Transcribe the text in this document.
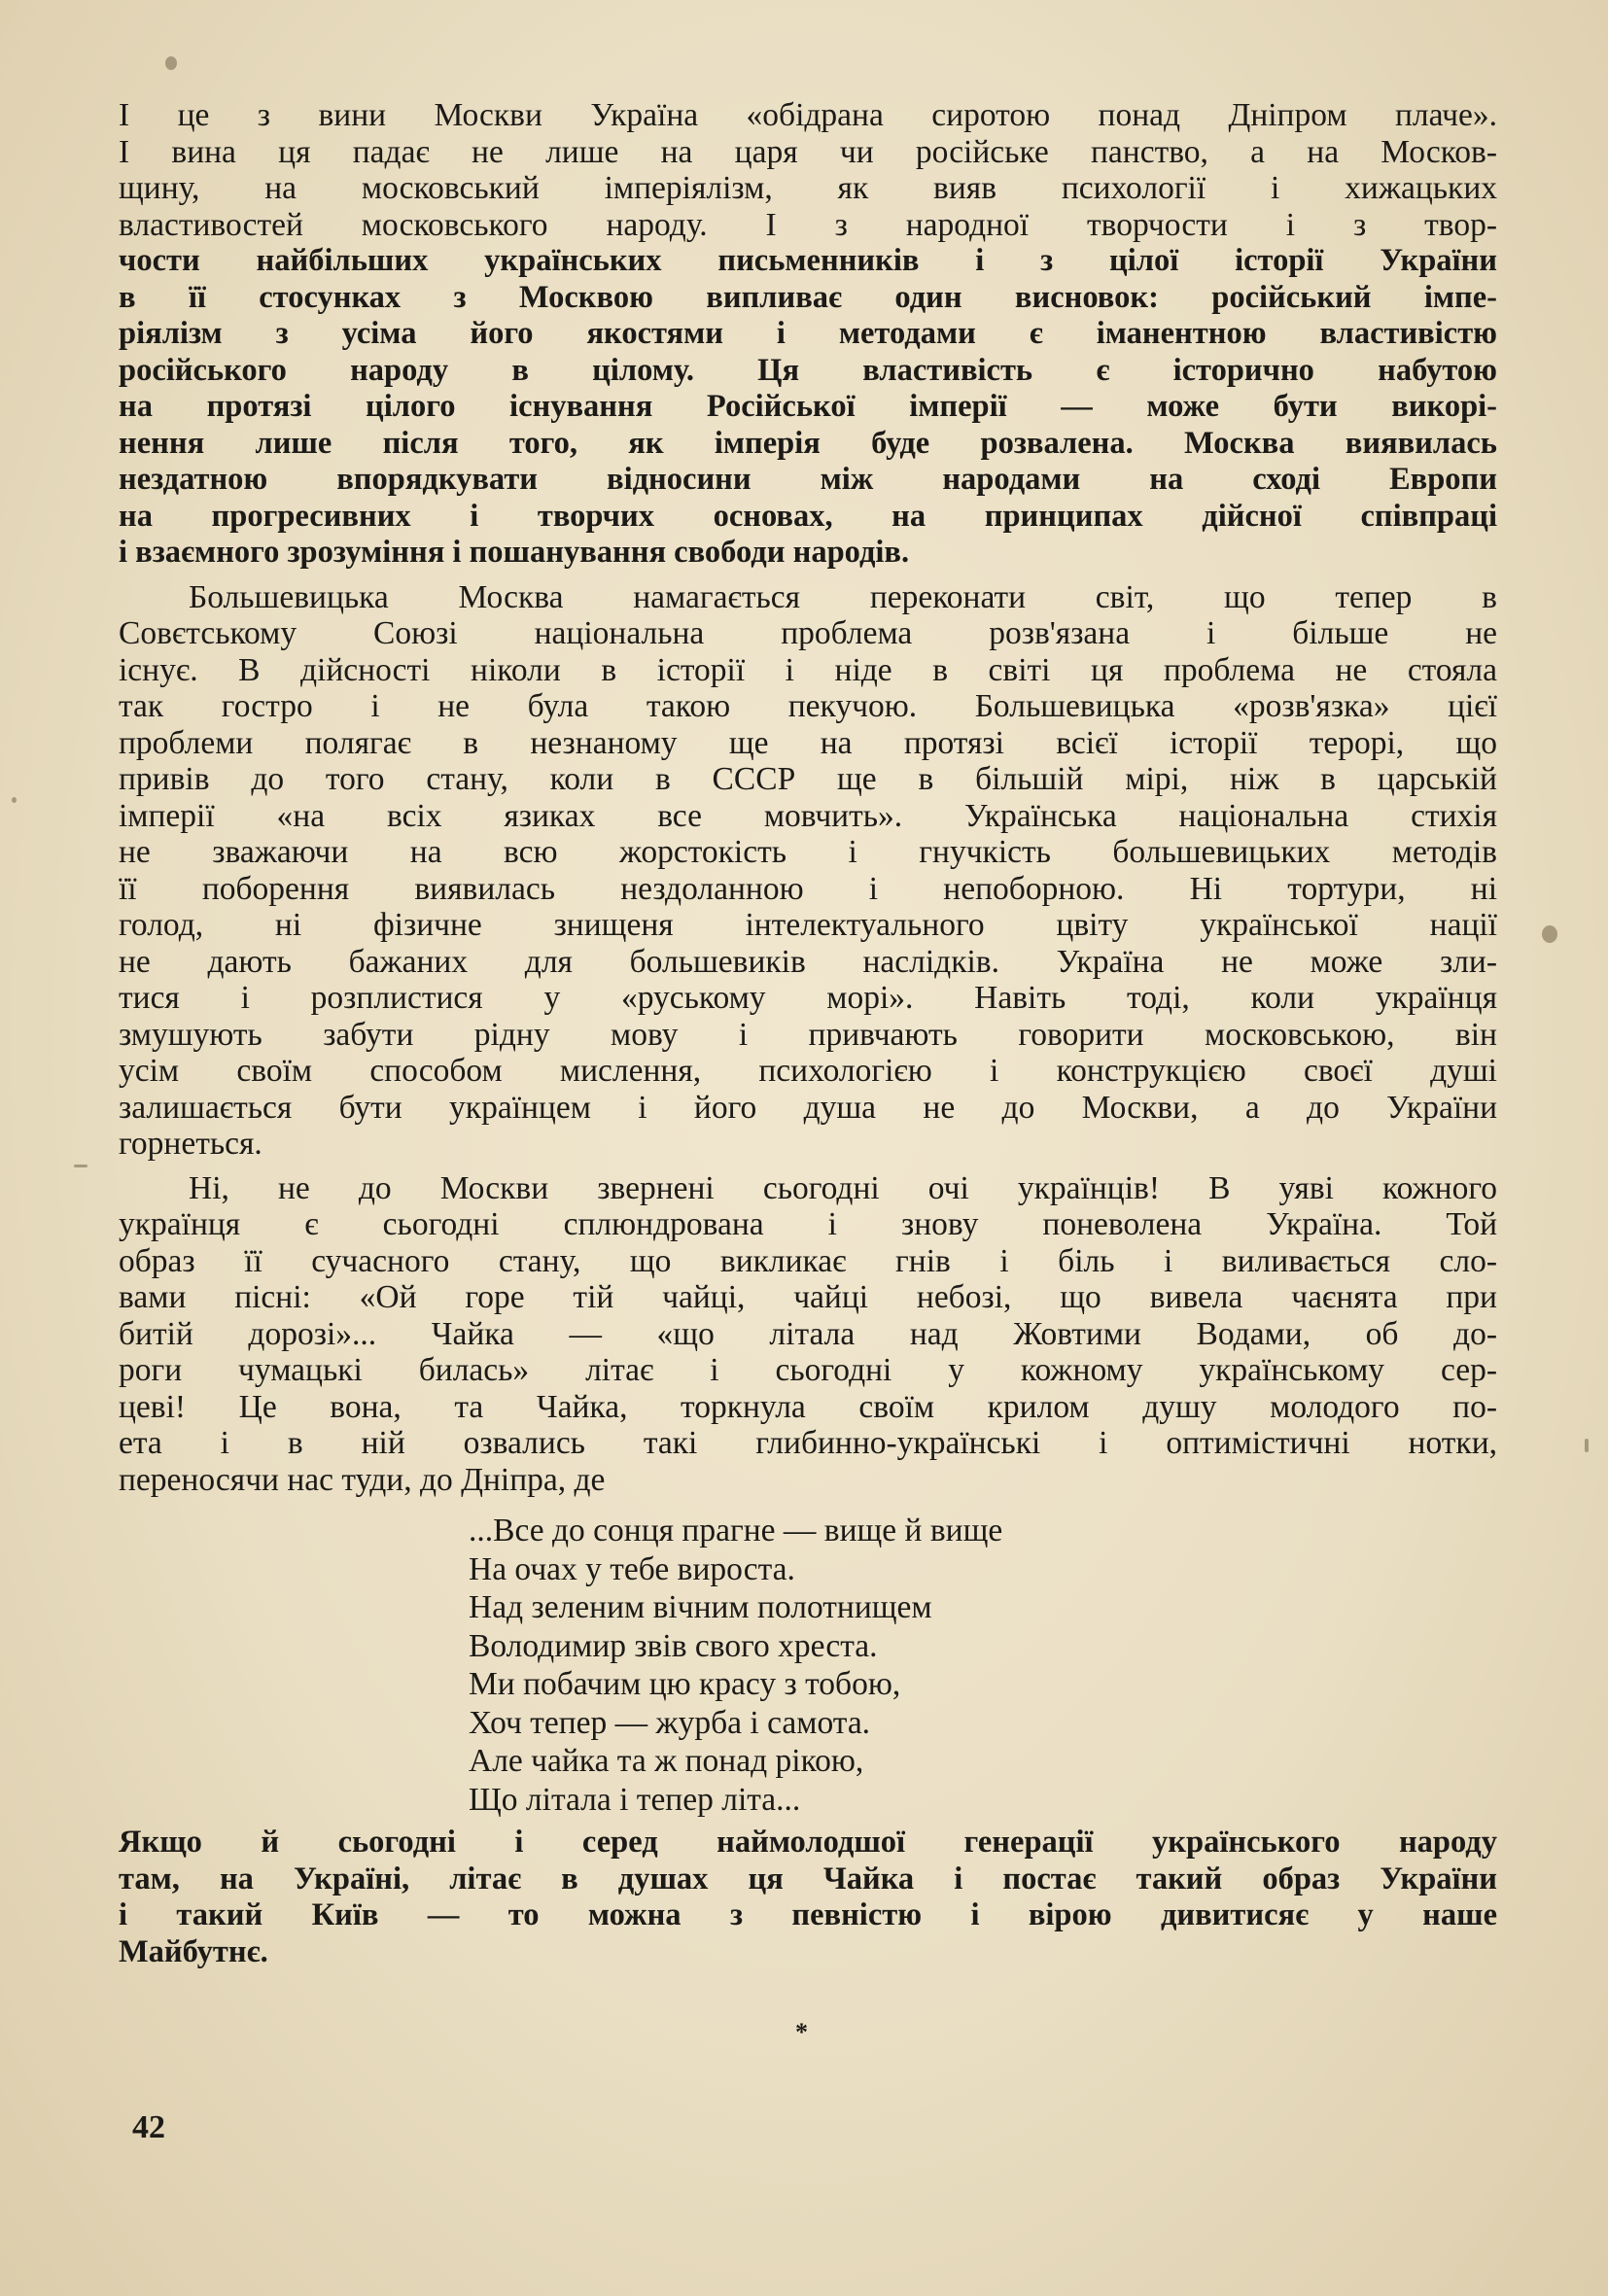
І це з вини Москви Україна «обідрана сиротою понад Дніпром плаче».
І вина ця падає не лише на царя чи російське панство, а на Москов-
щину, на московський імперіялізм, як вияв психології і хижацьких
властивостей московського народу. І з народної творчости і з твор-

чости найбільших українських письменників і з цілої історії України
в її стосунках з Москвою випливає один висновок: російський імпе-
ріялізм з усіма його якостями і методами є іманентною властивістю
російського народу в цілому. Ця властивість є історично набутою
на протязі цілого існування Російської імперії — може бути викорі-
нення лише після того, як імперія буде розвалена. Москва виявилась
нездатною впорядкувати відносини між народами на сході Европи
на прогресивних і творчих основах, на принципах дійсної співпраці
і взаємного зрозуміння і пошанування свободи народів.

Большевицька Москва намагається переконати світ, що тепер в
Совєтському Союзі національна проблема розв'язана і більше не
існує. В дійсності ніколи в історії і ніде в світі ця проблема не стояла
так гостро і не була такою пекучою. Большевицька «розв'язка» цієї
проблеми полягає в незнаному ще на протязі всієї історії терорі, що
привів до того стану, коли в СССР ще в більшій мірі, ніж в царській
імперії «на всіх язиках все мовчить». Українська національна стихія
не зважаючи на всю жорстокість і гнучкість большевицьких методів
її поборення виявилась нездоланною і непоборною. Ні тортури, ні
голод, ні фізичне знищеня інтелектуального цвіту української нації
не дають бажаних для большевиків наслідків. Україна не може зли-
тися і розплистися у «руському морі». Навіть тоді, коли українця
змушують забути рідну мову і привчають говорити московською, він
усім своїм способом мислення, психологією і конструкцією своєї душі
залишається бути українцем і його душа не до Москви, а до України
горнеться.

Ні, не до Москви звернені сьогодні очі українців! В уяві кожного
українця є сьогодні сплюндрована і знову поневолена Україна. Той
образ її сучасного стану, що викликає гнів і біль і виливається сло-
вами пісні: «Ой горе тій чайці, чайці небозі, що вивела чаєнята при
битій дорозі»... Чайка — «що літала над Жовтими Водами, об до-
роги чумацькі билась» літає і сьогодні у кожному українському сер-
цеві! Це вона, та Чайка, торкнула своїм крилом душу молодого по-
ета і в ній озвались такі глибинно-українські і оптимістичні нотки,
переносячи нас туди, до Дніпра, де

...Все до сонця прагне — вище й вище
На очах у тебе вироста.
Над зеленим вічним полотнищем
Володимир звів свого хреста.
Ми побачим цю красу з тобою,
Хоч тепер — журба і самота.
Але чайка та ж понад рікою,
Що літала і тепер літа...

Якщо й сьогодні і серед наймолодшої генерації українського народу
там, на Україні, літає в душах ця Чайка і постає такий образ України
і такий Київ — то можна з певністю і вірою дивитисяє у наше
Майбутнє.

*
42
